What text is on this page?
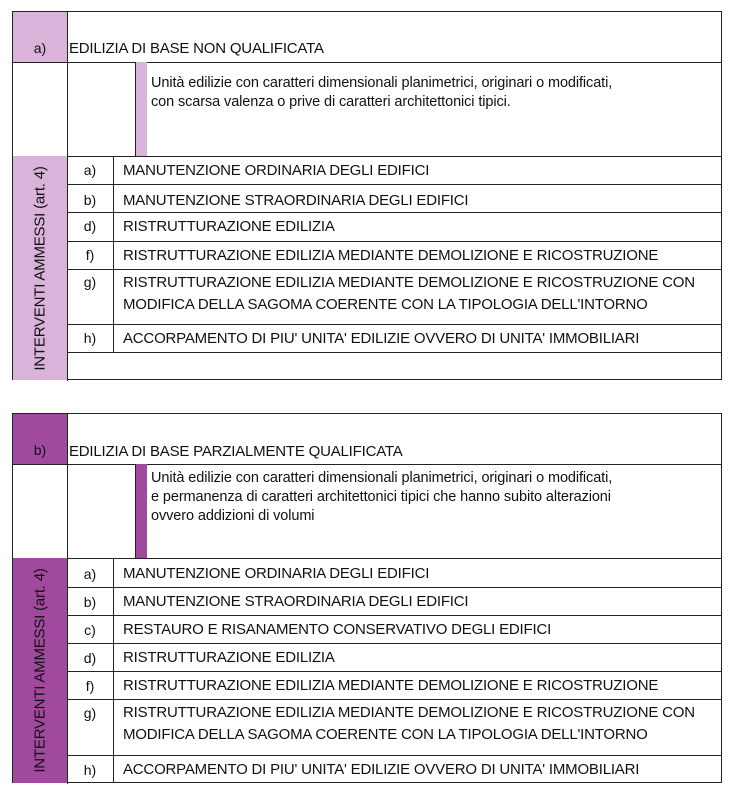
a) EDILIZIA DI BASE NON QUALIFICATA
Unità edilizie con caratteri dimensionali planimetrici, originari o modificati,
con scarsa valenza o prive di caratteri architettonici tipici.
INTERVENTI AMMESSI (art. 4)	a)	MANUTENZIONE ORDINARIA DEGLI EDIFICI
b)	MANUTENZIONE STRAORDINARIA DEGLI EDIFICI
d)	RISTRUTTURAZIONE EDILIZIA
f)	RISTRUTTURAZIONE EDILIZIA MEDIANTE DEMOLIZIONE E RICOSTRUZIONE
g)	RISTRUTTURAZIONE EDILIZIA MEDIANTE DEMOLIZIONE E RICOSTRUZIONE CON
MODIFICA DELLA SAGOMA COERENTE CON LA TIPOLOGIA DELL'INTORNO
h)	ACCORPAMENTO DI PIU' UNITA' EDILIZIE OVVERO DI UNITA' IMMOBILIARI
b) EDILIZIA DI BASE PARZIALMENTE QUALIFICATA
Unità edilizie con caratteri dimensionali planimetrici, originari o modificati,
e permanenza di caratteri architettonici tipici che hanno subito alterazioni
ovvero addizioni di volumi
INTERVENTI AMMESSI (art. 4)	a)	MANUTENZIONE ORDINARIA DEGLI EDIFICI
b)	MANUTENZIONE STRAORDINARIA DEGLI EDIFICI
c)	RESTAURO E RISANAMENTO CONSERVATIVO DEGLI EDIFICI
d)	RISTRUTTURAZIONE EDILIZIA
f)	RISTRUTTURAZIONE EDILIZIA MEDIANTE DEMOLIZIONE E RICOSTRUZIONE
g)	RISTRUTTURAZIONE EDILIZIA MEDIANTE DEMOLIZIONE E RICOSTRUZIONE CON
MODIFICA DELLA SAGOMA COERENTE CON LA TIPOLOGIA DELL'INTORNO
h)	ACCORPAMENTO DI PIU' UNITA' EDILIZIE OVVERO DI UNITA' IMMOBILIARI
